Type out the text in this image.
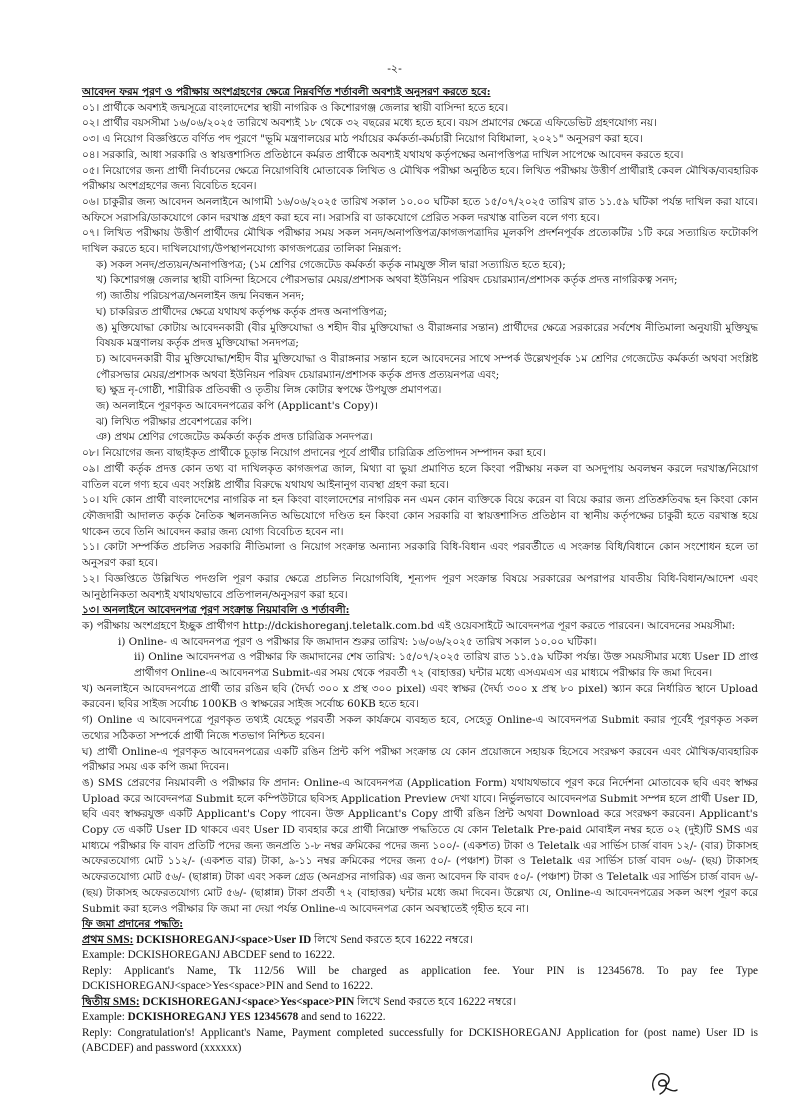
-২-

আবেদন ফরম পূরণ ও পরীক্ষায় অংশগ্রহণের ক্ষেত্রে নিম্নবর্ণিত শর্তাবলী অবশ্যই অনুসরণ করতে হবে:

০১। প্রার্থীকে অবশ্যই জন্মসূত্রে বাংলাদেশের স্থায়ী নাগরিক ও কিশোরগঞ্জ জেলার স্থায়ী বাসিন্দা হতে হবে।

০২। প্রার্থীর বয়সসীমা ১৬/০৬/২০২৫ তারিখে অবশ্যই ১৮ থেকে ৩২ বছরের মধ্যে হতে হবে। বয়স প্রমাণের ক্ষেত্রে এফিডেভিট গ্রহণযোগ্য নয়।

০৩। এ নিয়োগ বিজ্ঞপ্তিতে বর্ণিত পদ পূরণে "ভূমি মন্ত্রণালয়ের মাঠ পর্যায়ের কর্মকর্তা-কর্মচারী নিয়োগ বিধিমালা, ২০২১" অনুসরণ করা হবে।

০৪। সরকারি, আধা সরকারি ও স্বায়ত্তশাসিত প্রতিষ্ঠানে কর্মরত প্রার্থীকে অবশ্যই যথাযথ কর্তৃপক্ষের অনাপত্তিপত্র দাখিল সাপেক্ষে আবেদন করতে হবে।

০৫। নিয়োগের জন্য প্রার্থী নির্বাচনের ক্ষেত্রে নিয়োগবিধি মোতাবেক লিখিত ও মৌখিক পরীক্ষা অনুষ্ঠিত হবে। লিখিত পরীক্ষায় উত্তীর্ণ প্রার্থীরাই কেবল মৌখিক/ব্যবহারিক পরীক্ষায় অংশগ্রহণের জন্য বিবেচিত হবেন।

০৬। চাকুরীর জন্য আবেদন অনলাইনে আগামী ১৬/০৬/২০২৫ তারিখ সকাল ১০.০০ ঘটিকা হতে ১৫/০৭/২০২৫ তারিখ রাত ১১.৫৯ ঘটিকা পর্যন্ত দাখিল করা যাবে। অফিসে সরাসরি/ডাকযোগে কোন দরখাস্ত গ্রহণ করা হবে না। সরাসরি বা ডাকযোগে প্রেরিত সকল দরখাস্ত বাতিল বলে গণ্য হবে।

০৭। লিখিত পরীক্ষায় উত্তীর্ণ প্রার্থীদের মৌখিক পরীক্ষার সময় সকল সনদ/অনাপত্তিপত্র/কাগজপত্রাদির মূলকপি প্রদর্শনপূর্বক প্রত্যেকটির ১টি করে সত্যায়িত ফটোকপি দাখিল করতে হবে। দাখিলযোগ্য/উপস্থাপনযোগ্য কাগজপত্রের তালিকা নিম্নরূপ:

ক) সকল সনদ/প্রত্যয়ন/অনাপত্তিপত্র; (১ম শ্রেণির গেজেটেড কর্মকর্তা কর্তৃক নামযুক্ত সীল দ্বারা সত্যায়িত হতে হবে);

খ) কিশোরগঞ্জ জেলার স্থায়ী বাসিন্দা হিসেবে পৌরসভার মেয়র/প্রশাসক অথবা ইউনিয়ন পরিষদ চেয়ারম্যান/প্রশাসক কর্তৃক প্রদত্ত নাগরিকত্ব সনদ;

গ) জাতীয় পরিচয়পত্র/অনলাইন জন্ম নিবন্ধন সনদ;

ঘ) চাকরিরত প্রার্থীদের ক্ষেত্রে যথাযথ কর্তৃপক্ষ কর্তৃক প্রদত্ত অনাপত্তিপত্র;

ঙ) মুক্তিযোদ্ধা কোটায় আবেদনকারী (বীর মুক্তিযোদ্ধা ও শহীদ বীর মুক্তিযোদ্ধা ও বীরাঙ্গনার সন্তান) প্রার্থীদের ক্ষেত্রে সরকারের সর্বশেষ নীতিমালা অনুযায়ী মুক্তিযুদ্ধ বিষয়ক মন্ত্রণালয় কর্তৃক প্রদত্ত মুক্তিযোদ্ধা সনদপত্র;

চ) আবেদনকারী বীর মুক্তিযোদ্ধা/শহীদ বীর মুক্তিযোদ্ধা ও বীরাঙ্গনার সন্তান হলে আবেদনের সাথে সম্পর্ক উল্লেখপূর্বক ১ম শ্রেণির গেজেটেড কর্মকর্তা অথবা সংশ্লিষ্ট পৌরসভার মেয়র/প্রশাসক অথবা ইউনিয়ন পরিষদ চেয়ারম্যান/প্রশাসক কর্তৃক প্রদত্ত প্রত্যয়নপত্র এবং;

ছ) ক্ষুদ্র নৃ-গোষ্ঠী, শারীরিক প্রতিবন্ধী ও তৃতীয় লিঙ্গ কোটার স্বপক্ষে উপযুক্ত প্রমাণপত্র।

জ) অনলাইনে পূরণকৃত আবেদনপত্রের কপি (Applicant's Copy)।

ঝ) লিখিত পরীক্ষার প্রবেশপত্রের কপি।

ঞ) প্রথম শ্রেণির গেজেটেড কর্মকর্তা কর্তৃক প্রদত্ত চারিত্রিক সনদপত্র।

০৮। নিয়োগের জন্য বাছাইকৃত প্রার্থীকে চূড়ান্ত নিয়োগ প্রদানের পূর্বে প্রার্থীর চারিত্রিক প্রতিপাদন সম্পাদন করা হবে।

০৯। প্রার্থী কর্তৃক প্রদত্ত কোন তথ্য বা দাখিলকৃত কাগজপত্র জাল, মিথ্যা বা ভুয়া প্রমাণিত হলে কিংবা পরীক্ষায় নকল বা অসদুপায় অবলম্বন করলে দরখাস্ত/নিয়োগ বাতিল বলে গণ্য হবে এবং সংশ্লিষ্ট প্রার্থীর বিরুদ্ধে যথাযথ আইনানুগ ব্যবস্থা গ্রহণ করা হবে।

১০। যদি কোন প্রার্থী বাংলাদেশের নাগরিক না হন কিংবা বাংলাদেশের নাগরিক নন এমন কোন ব্যক্তিকে বিয়ে করেন বা বিয়ে করার জন্য প্রতিশ্রুতিবদ্ধ হন কিংবা কোন ফৌজদারী আদালত কর্তৃক নৈতিক স্খলনজনিত অভিযোগে দণ্ডিত হন কিংবা কোন সরকারি বা স্বায়ত্তশাসিত প্রতিষ্ঠান বা স্থানীয় কর্তৃপক্ষের চাকুরী হতে বরখাস্ত হয়ে থাকেন তবে তিনি আবেদন করার জন্য যোগ্য বিবেচিত হবেন না।

১১। কোটা সম্পর্কিত প্রচলিত সরকারি নীতিমালা ও নিয়োগ সংক্রান্ত অন্যান্য সরকারি বিধি-বিধান এবং পরবর্তীতে এ সংক্রান্ত বিধি/বিধানে কোন সংশোধন হলে তা অনুসরণ করা হবে।

১২। বিজ্ঞপ্তিতে উল্লিখিত পদগুলি পূরণ করার ক্ষেত্রে প্রচলিত নিয়োগবিধি, শূন্যপদ পূরণ সংক্রান্ত বিষয়ে সরকারের অপরাপর যাবতীয় বিধি-বিধান/আদেশ এবং আনুষ্ঠানিকতা অবশ্যই যথাযথভাবে প্রতিপালন/অনুসরণ করা হবে।

১৩। অনলাইনে আবেদনপত্র পূরণ সংক্রান্ত নিয়মাবলি ও শর্তাবলী:

ক) পরীক্ষায় অংশগ্রহণে ইচ্ছুক প্রার্থীগণ http://dckishoreganj.teletalk.com.bd এই ওয়েবসাইটে আবেদনপত্র পূরণ করতে পারবেন। আবেদনের সময়সীমা:

i) Online- এ আবেদনপত্র পূরণ ও পরীক্ষার ফি জমাদান শুরুর তারিখ: ১৬/০৬/২০২৫ তারিখ সকাল ১০.০০ ঘটিকা।

ii) Online আবেদনপত্র ও পরীক্ষার ফি জমাদানের শেষ তারিখ: ১৫/০৭/২০২৫ তারিখ রাত ১১.৫৯ ঘটিকা পর্যন্ত। উক্ত সময়সীমার মধ্যে User ID প্রাপ্ত প্রার্থীগণ Online-এ আবেদনপত্র Submit-এর সময় থেকে পরবর্তী ৭২ (বাহাত্তর) ঘন্টার মধ্যে এসএমএস এর মাধ্যমে পরীক্ষার ফি জমা দিবেন।

খ) অনলাইনে আবেদনপত্রে প্রার্থী তার রঙিন ছবি (দৈর্ঘ্য ৩০০ x প্রস্থ ৩০০ pixel) এবং স্বাক্ষর (দৈর্ঘ্য ৩০০ x প্রস্থ ৮০ pixel) স্ক্যান করে নির্ধারিত স্থানে Upload করবেন। ছবির সাইজ সর্বোচ্চ 100KB ও স্বাক্ষরের সাইজ সর্বোচ্চ 60KB হতে হবে।

গ) Online এ আবেদনপত্রে পূরণকৃত তথ্যই যেহেতু পরবর্তী সকল কার্যক্রমে ব্যবহৃত হবে, সেহেতু Online-এ আবেদনপত্র Submit করার পূর্বেই পূরণকৃত সকল তথ্যের সঠিকতা সম্পর্কে প্রার্থী নিজে শতভাগ নিশ্চিত হবেন।

ঘ) প্রার্থী Online-এ পূরণকৃত আবেদনপত্রের একটি রঙিন প্রিন্ট কপি পরীক্ষা সংক্রান্ত যে কোন প্রয়োজনে সহায়ক হিসেবে সংরক্ষণ করবেন এবং মৌখিক/ব্যবহারিক পরীক্ষার সময় এক কপি জমা দিবেন।

ঙ) SMS প্রেরণের নিয়মাবলী ও পরীক্ষার ফি প্রদান: Online-এ আবেদনপত্র (Application Form) যথাযথভাবে পূরণ করে নির্দেশনা মোতাবেক ছবি এবং স্বাক্ষর Upload করে আবেদনপত্র Submit হলে কম্পিউটারে ছবিসহ Application Preview দেখা যাবে। নির্ভুলভাবে আবেদনপত্র Submit সম্পন্ন হলে প্রার্থী User ID, ছবি এবং স্বাক্ষরযুক্ত একটি Applicant's Copy পাবেন। উক্ত Applicant's Copy প্রার্থী রঙিন প্রিন্ট অথবা Download করে সংরক্ষণ করবেন। Applicant's Copy তে একটি User ID থাকবে এবং User ID ব্যবহার করে প্রার্থী নিম্নোক্ত পদ্ধতিতে যে কোন Teletalk Pre-paid মোবাইল নম্বর হতে ০২ (দুই)টি SMS এর মাধ্যমে পরীক্ষার ফি বাবদ প্রতিটি পদের জন্য জনপ্রতি ১-৮ নম্বর ক্রমিকের পদের জন্য ১০০/- (একশত) টাকা ও Teletalk এর সার্ভিস চার্জ বাবদ ১২/- (বার) টাকাসহ অফেরতযোগ্য মোট ১১২/- (একশত বার) টাকা, ৯-১১ নম্বর ক্রমিকের পদের জন্য ৫০/- (পঞ্চাশ) টাকা ও Teletalk এর সার্ভিস চার্জ বাবদ ০৬/- (ছয়) টাকাসহ অফেরতযোগ্য মোট ৫৬/- (ছাপ্পান্ন) টাকা এবং সকল গ্রেড (অনগ্রসর নাগরিক) এর জন্য আবেদন ফি বাবদ ৫০/- (পঞ্চাশ) টাকা ও Teletalk এর সার্ভিস চার্জ বাবদ ৬/- (ছয়) টাকাসহ অফেরতযোগ্য মোট ৫৬/- (ছাপ্পান্ন) টাকা প্রবর্তী ৭২ (বাহাত্তর) ঘন্টার মধ্যে জমা দিবেন। উল্লেখ্য যে, Online-এ আবেদনপত্রের সকল অংশ পূরণ করে Submit করা হলেও পরীক্ষার ফি জমা না দেয়া পর্যন্ত Online-এ আবেদনপত্র কোন অবস্থাতেই গৃহীত হবে না।

ফি জমা প্রদানের পদ্ধতি:

প্রথম SMS: DCKISHOREGANJ<space>User ID লিখে Send করতে হবে 16222 নম্বরে।

Example: DCKISHOREGANJ ABCDEF send to 16222.

Reply: Applicant's Name, Tk 112/56 Will be charged as application fee. Your PIN is 12345678. To pay fee Type DCKISHOREGANJ<space>Yes<space>PIN and Send to 16222.

দ্বিতীয় SMS: DCKISHOREGANJ<space>Yes<space>PIN লিখে Send করতে হবে 16222 নম্বরে।

Example: DCKISHOREGANJ YES 12345678 and send to 16222.

Reply: Congratulation's! Applicant's Name, Payment completed successfully for DCKISHOREGANJ Application for (post name) User ID is (ABCDEF) and password (xxxxxx)
